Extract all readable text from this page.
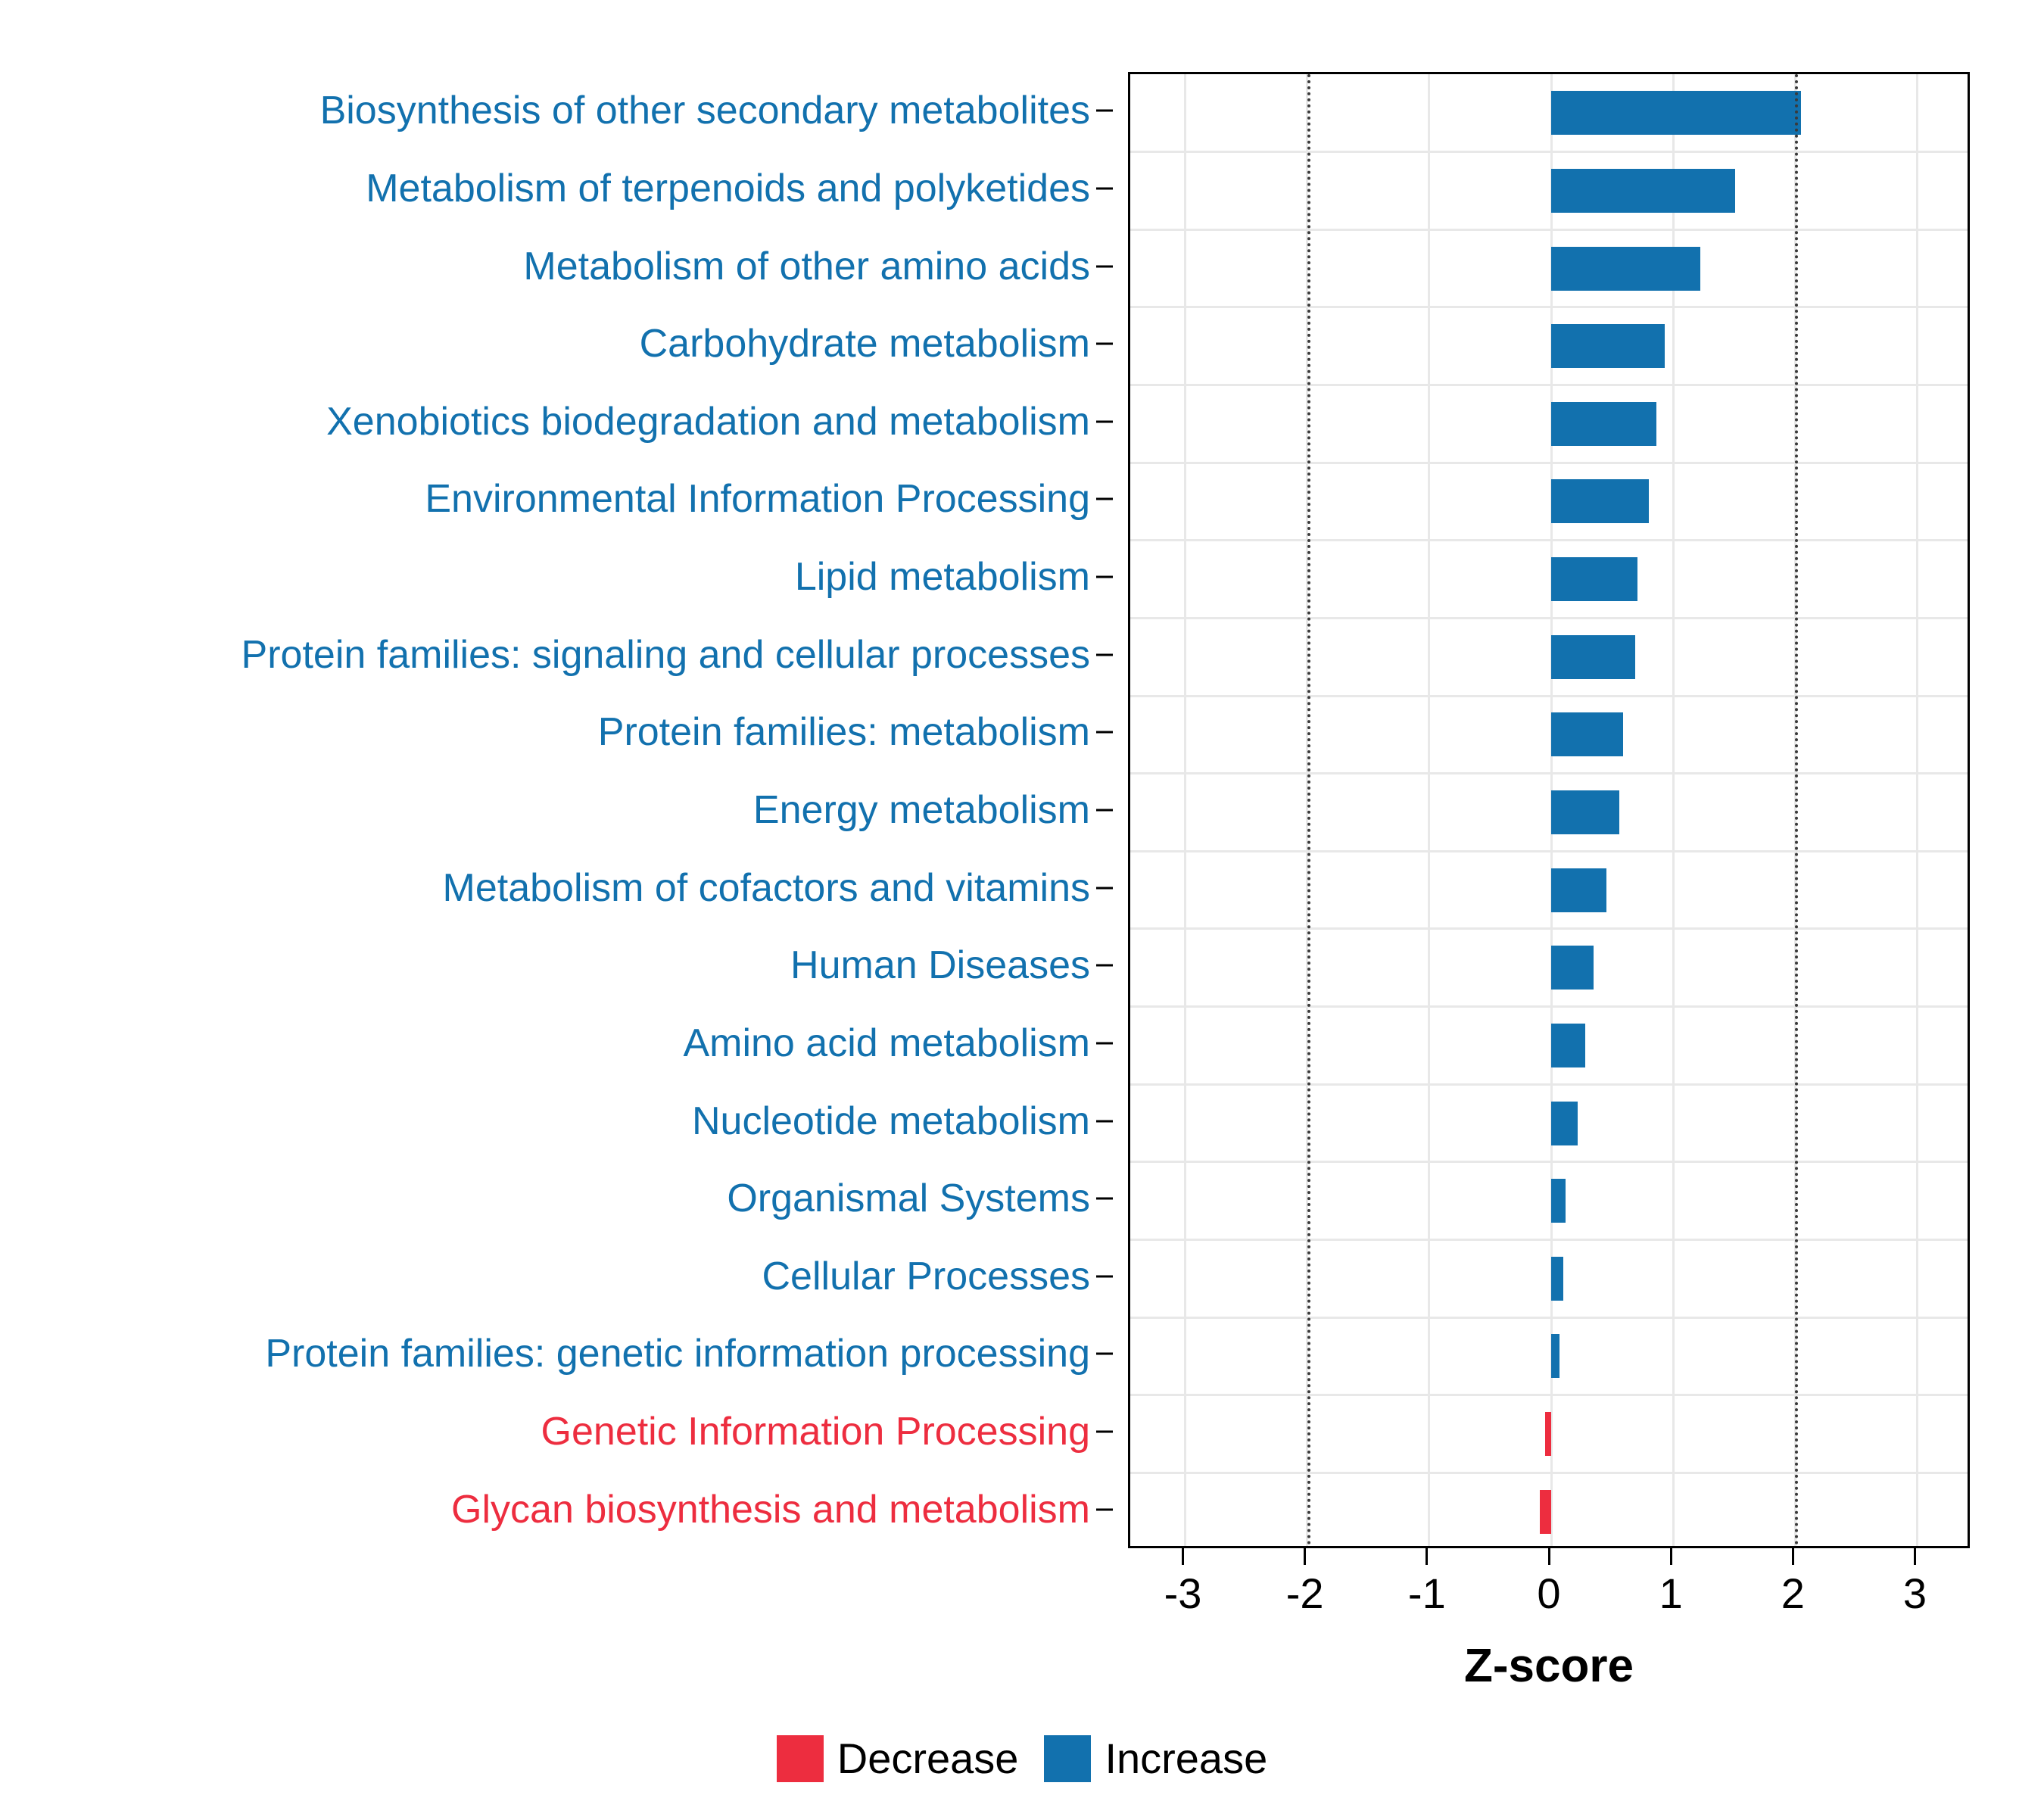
Biosynthesis of other secondary metabolites
Metabolism of terpenoids and polyketides
Metabolism of other amino acids
Carbohydrate metabolism
Xenobiotics biodegradation and metabolism
Environmental Information Processing
Lipid metabolism
Protein families: signaling and cellular processes
Protein families: metabolism
Energy metabolism
Metabolism of cofactors and vitamins
Human Diseases
Amino acid metabolism
Nucleotide metabolism
Organismal Systems
Cellular Processes
Protein families: genetic information processing
Genetic Information Processing
Glycan biosynthesis and metabolism
-3 -2 -1 0 1 2 3
Z-score
Decrease Increase
